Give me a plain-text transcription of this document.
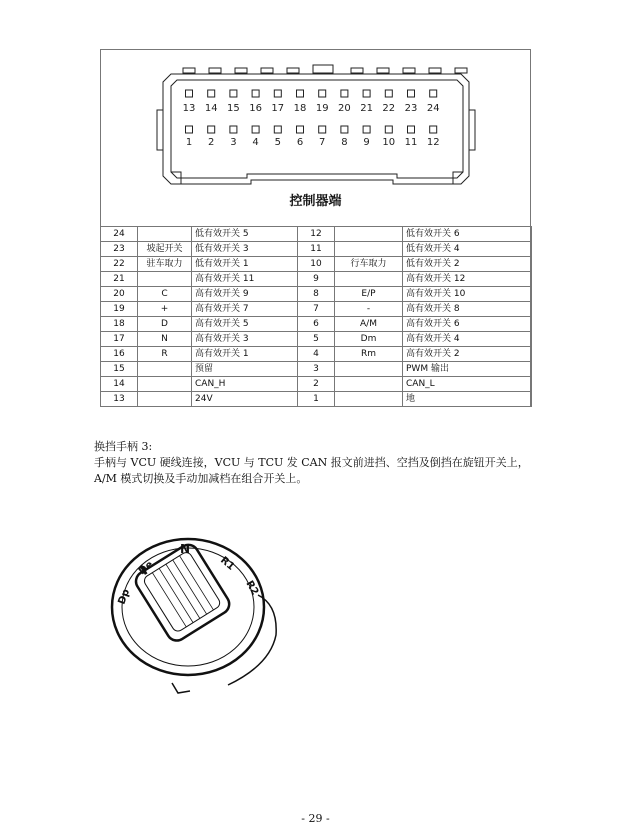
13 14 15 16 17 18 19 20 21 22 23 24
1 2 3 4 5 6 7 8 9 10 11 12
控制器端
24		低有效开关 5	12		低有效开关 6
23	坡起开关	低有效开关 3	11		低有效开关 4
22	驻车取力	低有效开关 1	10	行车取力	低有效开关 2
21		高有效开关 11	9		高有效开关 12
20	C	高有效开关 9	8	E/P	高有效开关 10
19	+	高有效开关 7	7	-	高有效开关 8
18	D	高有效开关 5	6	A/M	高有效开关 6
17	N	高有效开关 3	5	Dm	高有效开关 4
16	R	高有效开关 1	4	Rm	高有效开关 2
15		预留	3		PWM 输出
14		CAN_H	2		CAN_L
13		24V	1		地
换挡手柄 3:
手柄与 VCU 硬线连接，VCU 与 TCU 发 CAN 报文前进挡、空挡及倒挡在旋钮开关上，A/M 模式切换及手动加减档在组合开关上。
Dp
De
N
R1
R2
- 29 -
